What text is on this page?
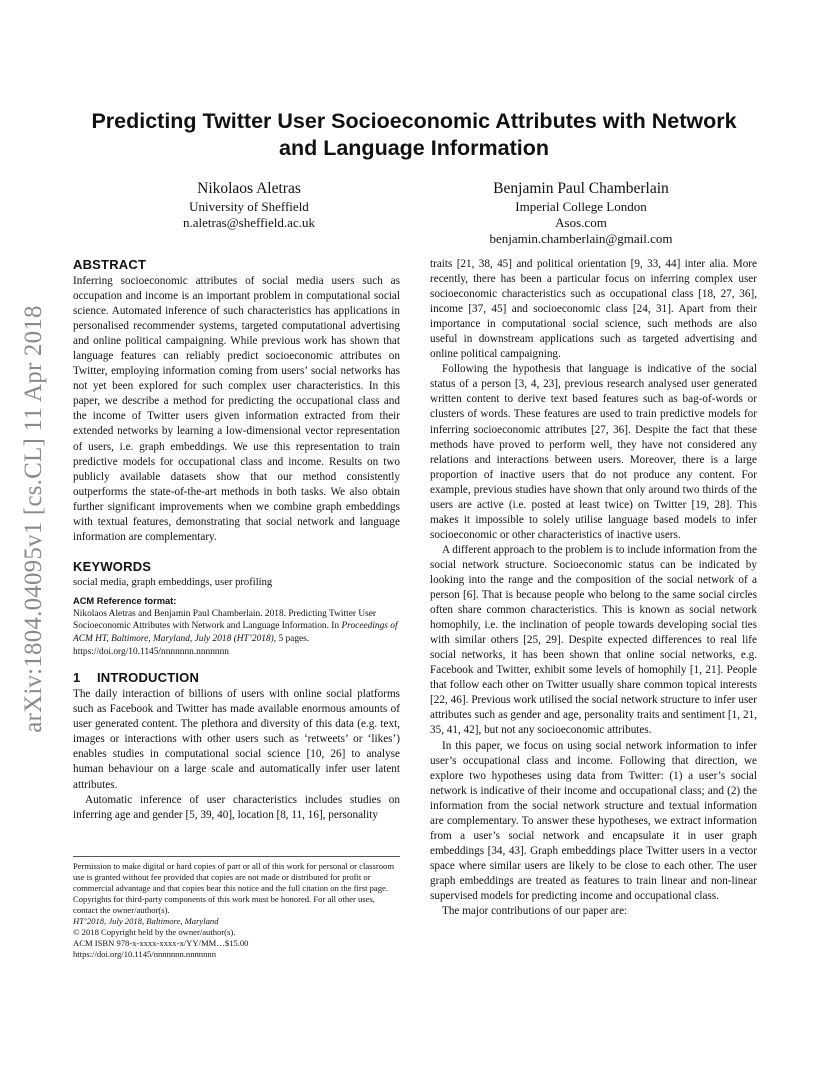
arXiv:1804.04095v1 [cs.CL] 11 Apr 2018
Predicting Twitter User Socioeconomic Attributes with Network
and Language Information
Nikolaos Aletras
University of Sheffield
n.aletras@sheffield.ac.uk
Benjamin Paul Chamberlain
Imperial College London
Asos.com
benjamin.chamberlain@gmail.com
ABSTRACT

Inferring socioeconomic attributes of social media users such as occupation and income is an important problem in computational social science. Automated inference of such characteristics has applications in personalised recommender systems, targeted computational advertising and online political campaigning. While previous work has shown that language features can reliably predict socioeconomic attributes on Twitter, employing information coming from users’ social networks has not yet been explored for such complex user characteristics. In this paper, we describe a method for predicting the occupational class and the income of Twitter users given information extracted from their extended networks by learning a low-dimensional vector representation of users, i.e. graph embeddings. We use this representation to train predictive models for occupational class and income. Results on two publicly available datasets show that our method consistently outperforms the state-of-the-art methods in both tasks. We also obtain further significant improvements when we combine graph embeddings with textual features, demonstrating that social network and language information are complementary.

KEYWORDS

social media, graph embeddings, user profiling

ACM Reference format:

Nikolaos Aletras and Benjamin Paul Chamberlain. 2018. Predicting Twitter User Socioeconomic Attributes with Network and Language Information. In Proceedings of ACM HT, Baltimore, Maryland, July 2018 (HT’2018), 5 pages.
https://doi.org/10.1145/nnnnnnn.nnnnnnn

1 INTRODUCTION

The daily interaction of billions of users with online social platforms such as Facebook and Twitter has made available enormous amounts of user generated content. The plethora and diversity of this data (e.g. text, images or interactions with other users such as ‘retweets’ or ‘likes’) enables studies in computational social science [10, 26] to analyse human behaviour on a large scale and automatically infer user latent attributes.

Automatic inference of user characteristics includes studies on inferring age and gender [5, 39, 40], location [8, 11, 16], personality

Permission to make digital or hard copies of part or all of this work for personal or classroom use is granted without fee provided that copies are not made or distributed for profit or commercial advantage and that copies bear this notice and the full citation on the first page. Copyrights for third-party components of this work must be honored. For all other uses, contact the owner/author(s).

HT’2018, July 2018, Baltimore, Maryland

© 2018 Copyright held by the owner/author(s).

ACM ISBN 978-x-xxxx-xxxx-x/YY/MM…$15.00

https://doi.org/10.1145/nnnnnnn.nnnnnnn

traits [21, 38, 45] and political orientation [9, 33, 44] inter alia. More recently, there has been a particular focus on inferring complex user socioeconomic characteristics such as occupational class [18, 27, 36], income [37, 45] and socioeconomic class [24, 31]. Apart from their importance in computational social science, such methods are also useful in downstream applications such as targeted advertising and online political campaigning.

Following the hypothesis that language is indicative of the social status of a person [3, 4, 23], previous research analysed user generated written content to derive text based features such as bag-of-words or clusters of words. These features are used to train predictive models for inferring socioeconomic attributes [27, 36]. Despite the fact that these methods have proved to perform well, they have not considered any relations and interactions between users. Moreover, there is a large proportion of inactive users that do not produce any content. For example, previous studies have shown that only around two thirds of the users are active (i.e. posted at least twice) on Twitter [19, 28]. This makes it impossible to solely utilise language based models to infer socioeconomic or other characteristics of inactive users.

A different approach to the problem is to include information from the social network structure. Socioeconomic status can be indicated by looking into the range and the composition of the social network of a person [6]. That is because people who belong to the same social circles often share common characteristics. This is known as social network homophily, i.e. the inclination of people towards developing social ties with similar others [25, 29]. Despite expected differences to real life social networks, it has been shown that online social networks, e.g. Facebook and Twitter, exhibit some levels of homophily [1, 21]. People that follow each other on Twitter usually share common topical interests [22, 46]. Previous work utilised the social network structure to infer user attributes such as gender and age, personality traits and sentiment [1, 21, 35, 41, 42], but not any socioeconomic attributes.

In this paper, we focus on using social network information to infer user’s occupational class and income. Following that direction, we explore two hypotheses using data from Twitter: (1) a user’s social network is indicative of their income and occupational class; and (2) the information from the social network structure and textual information are complementary. To answer these hypotheses, we extract information from a user’s social network and encapsulate it in user graph embeddings [34, 43]. Graph embeddings place Twitter users in a vector space where similar users are likely to be close to each other. The user graph embeddings are treated as features to train linear and non-linear supervised models for predicting income and occupational class.

The major contributions of our paper are:
